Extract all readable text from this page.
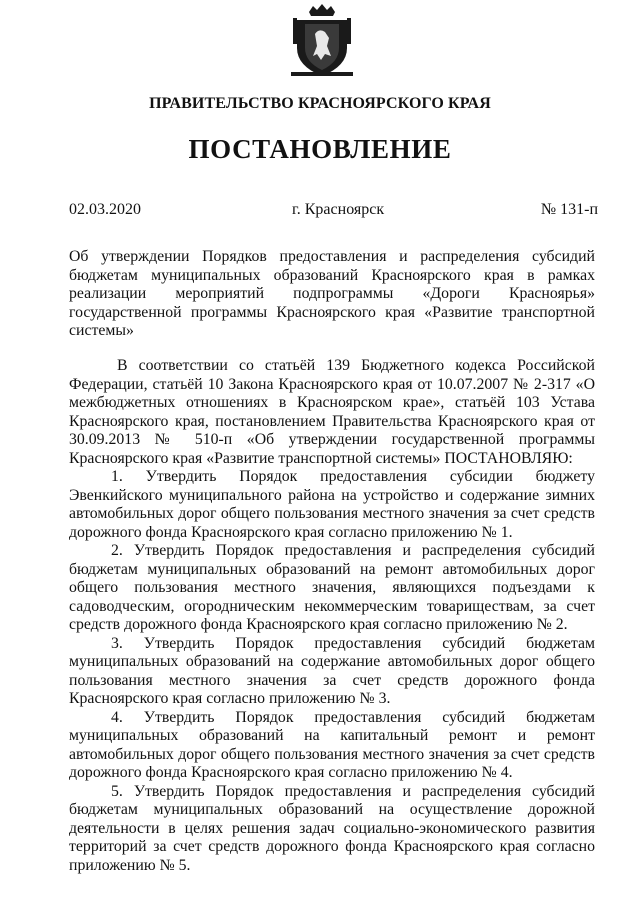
ПРАВИТЕЛЬСТВО КРАСНОЯРСКОГО КРАЯ
ПОСТАНОВЛЕНИЕ
02.03.2020	г. Красноярск	№ 131-п
Об утверждении Порядков предоставления и распределения субсидий бюджетам муниципальных образований Красноярского края в рамках реализации мероприятий подпрограммы «Дороги Красноярья» государственной программы Красноярского края «Развитие транспортной системы»

В соответствии со статьёй 139 Бюджетного кодекса Российской Федерации, статьёй 10 Закона Красноярского края от 10.07.2007 № 2-317 «О межбюджетных отношениях в Красноярском крае», статьёй 103 Устава Красноярского края, постановлением Правительства Красноярского края от 30.09.2013 № 510-п «Об утверждении государственной программы Красноярского края «Развитие транспортной системы» ПОСТАНОВЛЯЮ:

1. Утвердить Порядок предоставления субсидии бюджету Эвенкийского муниципального района на устройство и содержание зимних автомобильных дорог общего пользования местного значения за счет средств дорожного фонда Красноярского края согласно приложению № 1.

2. Утвердить Порядок предоставления и распределения субсидий бюджетам муниципальных образований на ремонт автомобильных дорог общего пользования местного значения, являющихся подъездами к садоводческим, огородническим некоммерческим товариществам, за счет средств дорожного фонда Красноярского края согласно приложению № 2.

3. Утвердить Порядок предоставления субсидий бюджетам муниципальных образований на содержание автомобильных дорог общего пользования местного значения за счет средств дорожного фонда Красноярского края согласно приложению № 3.

4. Утвердить Порядок предоставления субсидий бюджетам муниципальных образований на капитальный ремонт и ремонт автомобильных дорог общего пользования местного значения за счет средств дорожного фонда Красноярского края согласно приложению № 4.

5. Утвердить Порядок предоставления и распределения субсидий бюджетам муниципальных образований на осуществление дорожной деятельности в целях решения задач социально-экономического развития территорий за счет средств дорожного фонда Красноярского края согласно приложению № 5.
